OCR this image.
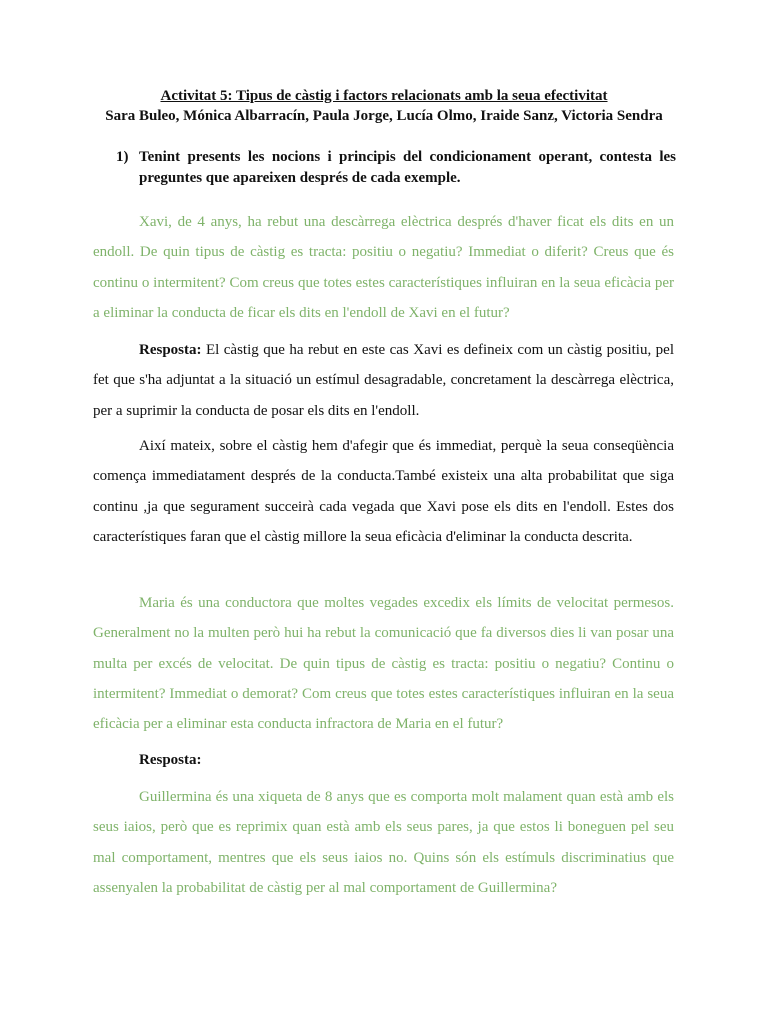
Activitat 5: Tipus de càstig i factors relacionats amb la seua efectivitat
Sara Buleo, Mónica Albarracín, Paula Jorge, Lucía Olmo, Iraide Sanz, Victoria Sendra
1) Tenint presents les nocions i principis del condicionament operant, contesta les preguntes que apareixen després de cada exemple.

Xavi, de 4 anys, ha rebut una descàrrega elèctrica després d'haver ficat els dits en un endoll. De quin tipus de càstig es tracta: positiu o negatiu? Immediat o diferit? Creus que és continu o intermitent? Com creus que totes estes característiques influiran en la seua eficàcia per a eliminar la conducta de ficar els dits en l'endoll de Xavi en el futur?

Resposta: El càstig que ha rebut en este cas Xavi es defineix com un càstig positiu, pel fet que s'ha adjuntat a la situació un estímul desagradable, concretament la descàrrega elèctrica, per a suprimir la conducta de posar els dits en l'endoll.

Així mateix, sobre el càstig hem d'afegir que és immediat, perquè la seua conseqüència comença immediatament després de la conducta.També existeix una alta probabilitat que siga continu ,ja que segurament succeirà cada vegada que Xavi pose els dits en l'endoll. Estes dos característiques faran que el càstig millore la seua eficàcia d'eliminar la conducta descrita.

Maria és una conductora que moltes vegades excedix els límits de velocitat permesos. Generalment no la multen però hui ha rebut la comunicació que fa diversos dies li van posar una multa per excés de velocitat. De quin tipus de càstig es tracta: positiu o negatiu? Continu o intermitent? Immediat o demorat? Com creus que totes estes característiques influiran en la seua eficàcia per a eliminar esta conducta infractora de Maria en el futur?

Resposta:

Guillermina és una xiqueta de 8 anys que es comporta molt malament quan està amb els seus iaios, però que es reprimix quan està amb els seus pares, ja que estos li boneguen pel seu mal comportament, mentres que els seus iaios no. Quins són els estímuls discriminatius que assenyalen la probabilitat de càstig per al mal comportament de Guillermina?
